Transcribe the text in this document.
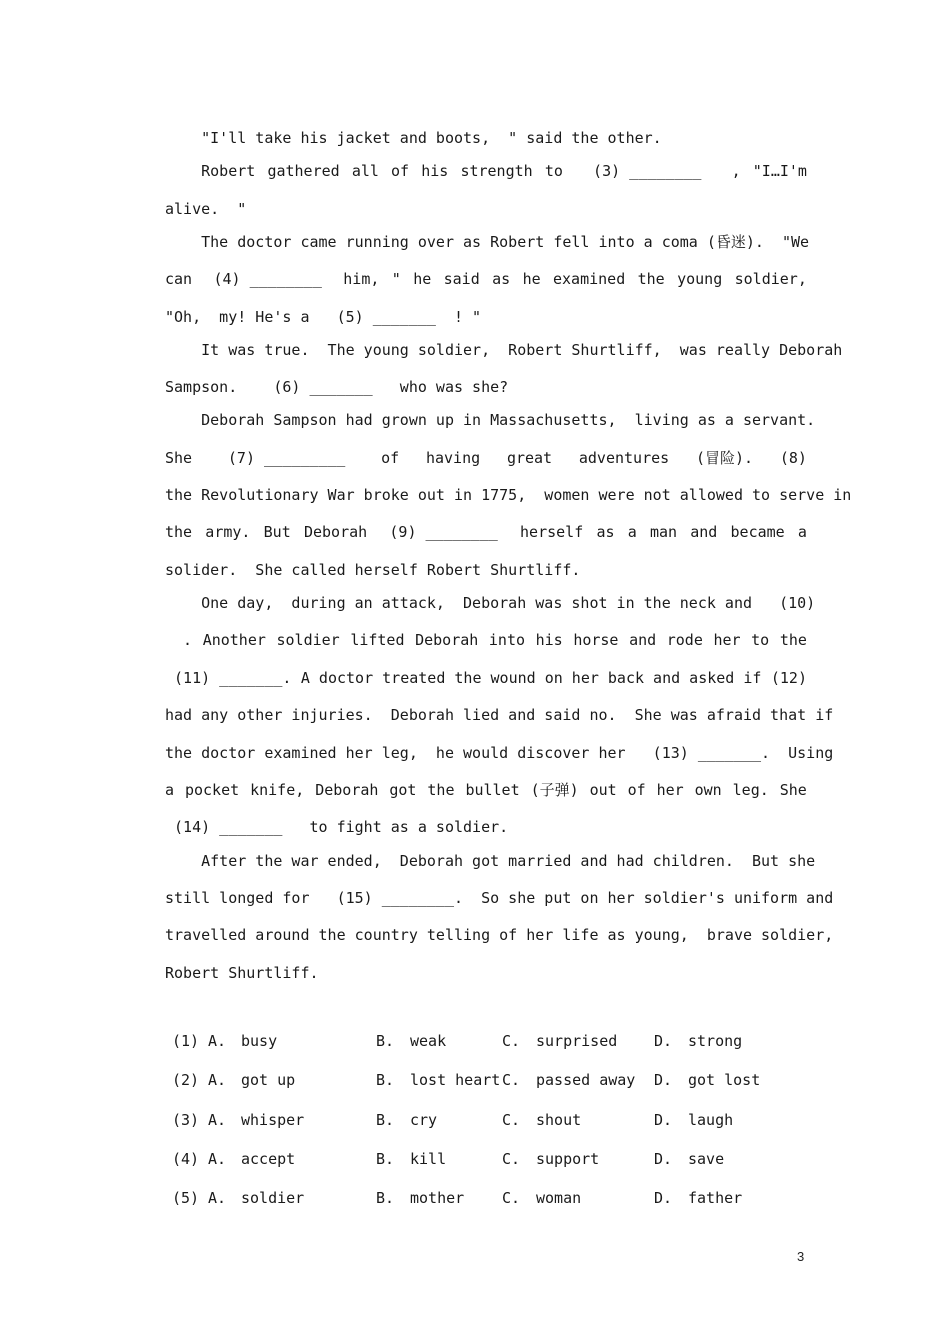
"I'll take his jacket and boots,  " said the other.
Robert gathered all of his strength to (3) ________ , "I…I'm
alive.  "
The doctor came running over as Robert fell into a coma (昏迷).  "We
can (4) ________ him, " he said as he examined the young soldier,
"Oh,  my! He's a   (5) _______  ! "
It was true.  The young soldier,  Robert Shurtliff,  was really Deborah
Sampson.    (6) _______   who was she?
Deborah Sampson had grown up in Massachusetts,  living as a servant.
She (7) _________ of having great adventures (冒险). (8)
the Revolutionary War broke out in 1775,  women were not allowed to serve in
the army. But Deborah (9) ________ herself as a man and became a
solider.  She called herself Robert Shurtliff.
One day,  during an attack,  Deborah was shot in the neck and   (10)
. Another soldier lifted Deborah into his horse and rode her to the
(11) _______. A doctor treated the wound on her back and asked if (12)
had any other injuries.  Deborah lied and said no.  She was afraid that if
the doctor examined her leg,  he would discover her   (13) _______.  Using
a pocket knife, Deborah got the bullet (子弹) out of her own leg. She
(14) _______   to fight as a soldier.
After the war ended,  Deborah got married and had children.  But she
still longed for   (15) ________.  So she put on her soldier's uniform and
travelled around the country telling of her life as young,  brave soldier,
Robert Shurtliff.
(1) A. busy	B. weak	C. surprised D. strong
(2) A. got up	B. lost heart C. passed away D. got lost
(3) A. whisper	B. cry	C. shout	D. laugh
(4) A. accept	B. kill	C. support	D. save
(5) A. soldier	B. mother	C. woman	D. father
3
